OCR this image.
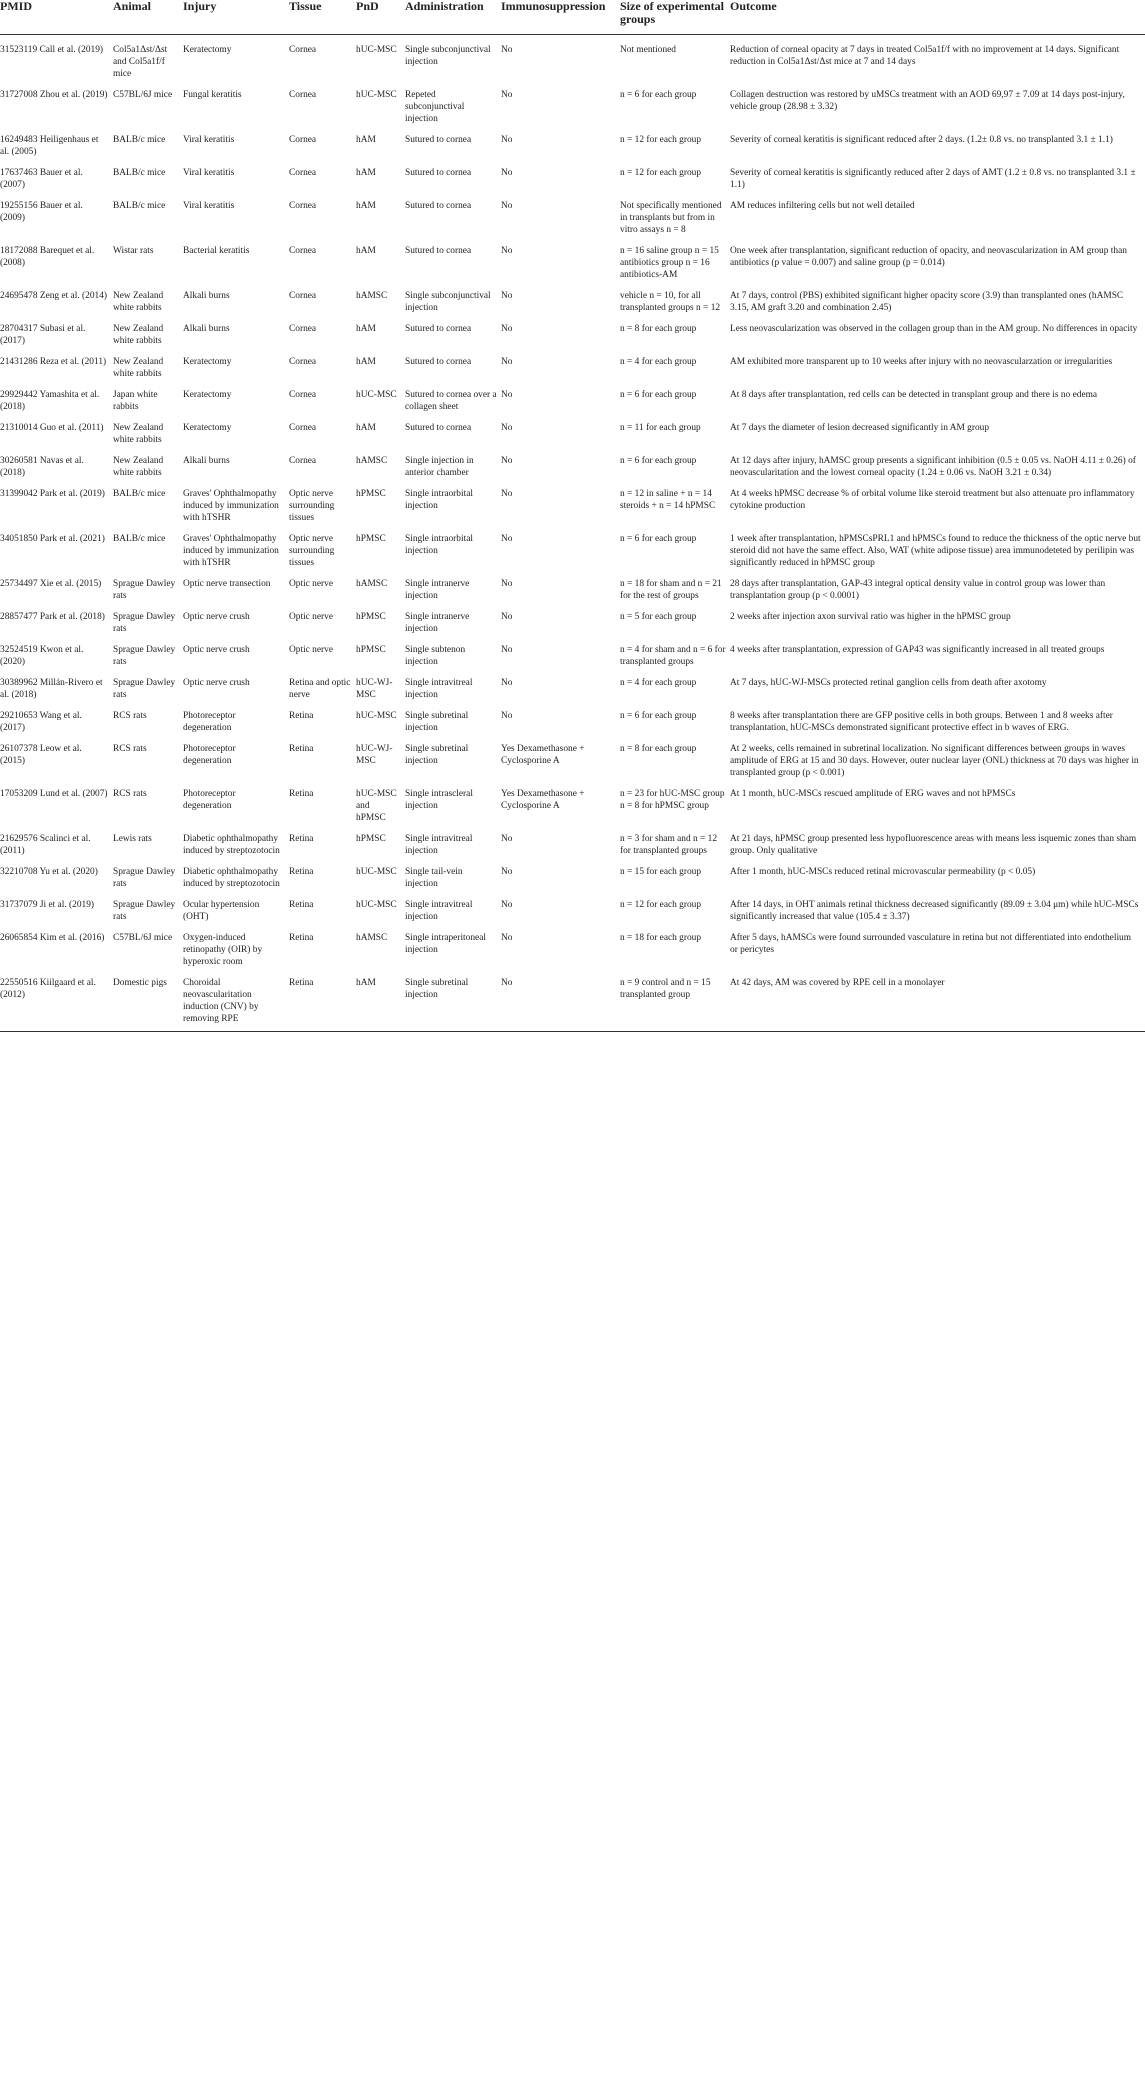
PMID	Animal	Injury	Tissue	PnD	Administration	Immunosuppression	Size of experimental groups	Outcome
31523119 Call et al. (2019)	Col5a1Δst/Δst and Col5a1f/f mice	Keratectomy	Cornea	hUC-MSC	Single subconjunctival injection	No	Not mentioned	Reduction of corneal opacity at 7 days in treated Col5a1f/f with no improvement at 14 days. Significant reduction in Col5a1Δst/Δst mice at 7 and 14 days
31727008 Zhou et al. (2019)	C57BL/6J mice	Fungal keratitis	Cornea	hUC-MSC	Repeted subconjunctival injection	No	n = 6 for each group	Collagen destruction was restored by uMSCs treatment with an AOD 69,97 ± 7.09 at 14 days post-injury, vehicle group (28.98 ± 3.32)
16249483 Heiligenhaus et al. (2005)	BALB/c mice	Viral keratitis	Cornea	hAM	Sutured to cornea	No	n = 12 for each group	Severity of corneal keratitis is significant reduced after 2 days. (1.2± 0.8 vs. no transplanted 3.1 ± 1.1)
17637463 Bauer et al. (2007)	BALB/c mice	Viral keratitis	Cornea	hAM	Sutured to cornea	No	n = 12 for each group	Severity of corneal keratitis is significantly reduced after 2 days of AMT (1.2 ± 0.8 vs. no transplanted 3.1 ± 1.1)
19255156 Bauer et al. (2009)	BALB/c mice	Viral keratitis	Cornea	hAM	Sutured to cornea	No	Not specifically mentioned in transplants but from in vitro assays n = 8	AM reduces infiltering cells but not well detailed
18172088 Barequet et al. (2008)	Wistar rats	Bacterial keratitis	Cornea	hAM	Sutured to cornea	No	n = 16 saline group n = 15 antibiotics group n = 16 antibiotics-AM	One week after transplantation, significant reduction of opacity, and neovascularization in AM group than antibiotics (p value = 0.007) and saline group (p = 0.014)
24695478 Zeng et al. (2014)	New Zealand white rabbits	Alkali burns	Cornea	hAMSC	Single subconjunctival injection	No	vehicle n = 10, for all transplanted groups n = 12	At 7 days, control (PBS) exhibited significant higher opacity score (3.9) than transplanted ones (hAMSC 3.15, AM graft 3.20 and combination 2.45)
28704317 Subasi et al. (2017)	New Zealand white rabbits	Alkali burns	Cornea	hAM	Sutured to cornea	No	n = 8 for each group	Less neovascularization was observed in the collagen group than in the AM group. No differences in opacity
21431286 Reza et al. (2011)	New Zealand white rabbits	Keratectomy	Cornea	hAM	Sutured to cornea	No	n = 4 for each group	AM exhibited more transparent up to 10 weeks after injury with no neovascularzation or irregularities
29929442 Yamashita et al. (2018)	Japan white rabbits	Keratectomy	Cornea	hUC-MSC	Sutured to cornea over a collagen sheet	No	n = 6 for each group	At 8 days after transplantation, red cells can be detected in transplant group and there is no edema
21310014 Guo et al. (2011)	New Zealand white rabbits	Keratectomy	Cornea	hAM	Sutured to cornea	No	n = 11 for each group	At 7 days the diameter of lesion decreased significantly in AM group
30260581 Navas et al. (2018)	New Zealand white rabbits	Alkali burns	Cornea	hAMSC	Single injection in anterior chamber	No	n = 6 for each group	At 12 days after injury, hAMSC group presents a significant inhibition (0.5 ± 0.05 vs. NaOH 4.11 ± 0.26) of neovascularitation and the lowest corneal opacity (1.24 ± 0.06 vs. NaOH 3.21 ± 0.34)
31399042 Park et al. (2019)	BALB/c mice	Graves' Ophthalmopathy induced by immunization with hTSHR	Optic nerve surrounding tissues	hPMSC	Single intraorbital injection	No	n = 12 in saline + n = 14 steroids + n = 14 hPMSC	At 4 weeks hPMSC decrease % of orbital volume like steroid treatment but also attenuate pro inflammatory cytokine production
34051850 Park et al. (2021)	BALB/c mice	Graves' Ophthalmopathy induced by immunization with hTSHR	Optic nerve surrounding tissues	hPMSC	Single intraorbital injection	No	n = 6 for each group	1 week after transplantation, hPMSCsPRL1 and hPMSCs found to reduce the thickness of the optic nerve but steroid did not have the same effect. Also, WAT (white adipose tissue) area immunodeteted by perilipin was significantly reduced in hPMSC group
25734497 Xie et al. (2015)	Sprague Dawley rats	Optic nerve transection	Optic nerve	hAMSC	Single intranerve injection	No	n = 18 for sham and n = 21 for the rest of groups	28 days after transplantation, GAP-43 integral optical density value in control group was lower than transplantation group (p < 0.0001)
28857477 Park et al. (2018)	Sprague Dawley rats	Optic nerve crush	Optic nerve	hPMSC	Single intranerve injection	No	n = 5 for each group	2 weeks after injection axon survival ratio was higher in the hPMSC group
32524519 Kwon et al. (2020)	Sprague Dawley rats	Optic nerve crush	Optic nerve	hPMSC	Single subtenon injection	No	n = 4 for sham and n = 6 for transplanted groups	4 weeks after transplantation, expression of GAP43 was significantly increased in all treated groups
30389962 Millán-Rivero et al. (2018)	Sprague Dawley rats	Optic nerve crush	Retina and optic nerve	hUC-WJ-MSC	Single intravitreal injection	No	n = 4 for each group	At 7 days, hUC-WJ-MSCs protected retinal ganglion cells from death after axotomy
29210653 Wang et al. (2017)	RCS rats	Photoreceptor degeneration	Retina	hUC-MSC	Single subretinal injection	No	n = 6 for each group	8 weeks after transplantation there are GFP positive cells in both groups. Between 1 and 8 weeks after transplantation, hUC-MSCs demonstrated significant protective effect in b waves of ERG.
26107378 Leow et al. (2015)	RCS rats	Photoreceptor degeneration	Retina	hUC-WJ-MSC	Single subretinal injection	Yes Dexamethasone + Cyclosporine A	n = 8 for each group	At 2 weeks, cells remained in subretinal localization. No significant differences between groups in waves amplitude of ERG at 15 and 30 days. However, outer nuclear layer (ONL) thickness at 70 days was higher in transplanted group (p < 0.001)
17053209 Lund et al. (2007)	RCS rats	Photoreceptor degeneration	Retina	hUC-MSC and hPMSC	Single intrascleral injection	Yes Dexamethasone + Cyclosporine A	n = 23 for hUC-MSC group n = 8 for hPMSC group	At 1 month, hUC-MSCs rescued amplitude of ERG waves and not hPMSCs
21629576 Scalinci et al. (2011)	Lewis rats	Diabetic ophthalmopathy induced by streptozotocin	Retina	hPMSC	Single intravitreal injection	No	n = 3 for sham and n = 12 for transplanted groups	At 21 days, hPMSC group presented less hypofluorescence areas with means less isquemic zones than sham group. Only qualitative
32210708 Yu et al. (2020)	Sprague Dawley rats	Diabetic ophthalmopathy induced by streptozotocin	Retina	hUC-MSC	Single tail-vein injection	No	n = 15 for each group	After 1 month, hUC-MSCs reduced retinal microvascular permeability (p < 0.05)
31737079 Ji et al. (2019)	Sprague Dawley rats	Ocular hypertension (OHT)	Retina	hUC-MSC	Single intravitreal injection	No	n = 12 for each group	After 14 days, in OHT animals retinal thickness decreased significantly (89.09 ± 3.04 μm) while hUC-MSCs significantly increased that value (105.4 ± 3.37)
26065854 Kim et al. (2016)	C57BL/6J mice	Oxygen-induced retinopathy (OIR) by hyperoxic room	Retina	hAMSC	Single intraperitoneal injection	No	n = 18 for each group	After 5 days, hAMSCs were found surrounded vasculature in retina but not differentiated into endothelium or pericytes
22550516 Kiilgaard et al. (2012)	Domestic pigs	Choroidal neovascularitation induction (CNV) by removing RPE	Retina	hAM	Single subretinal injection	No	n = 9 control and n = 15 transplanted group	At 42 days, AM was covered by RPE cell in a monolayer
